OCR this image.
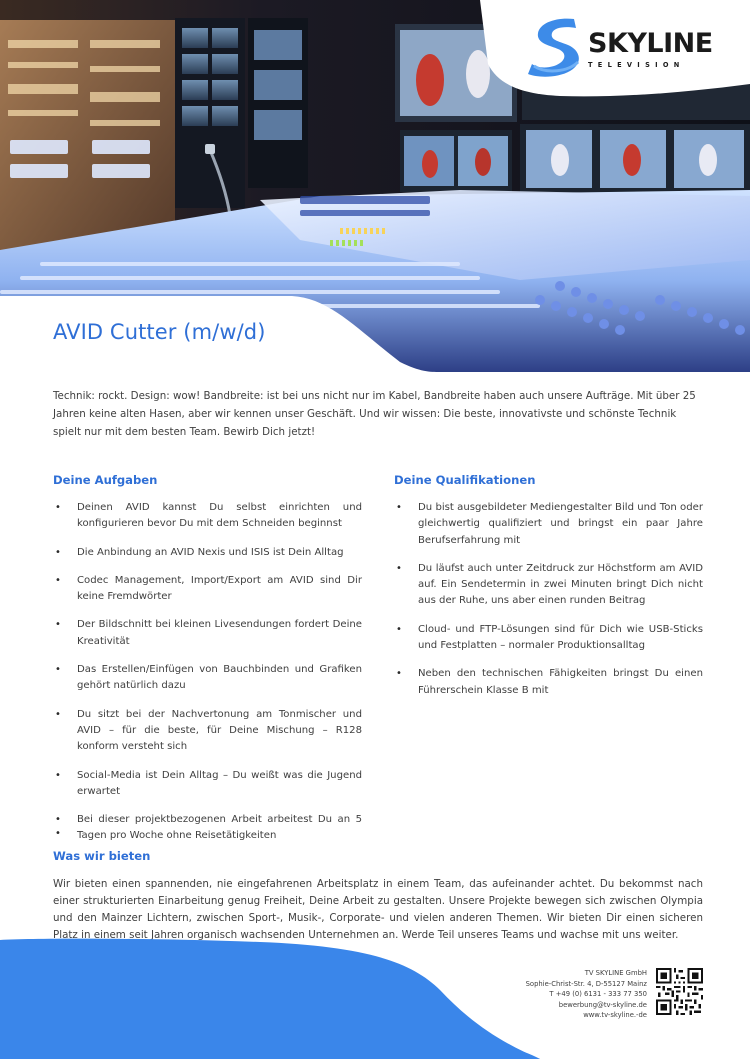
SKYLINE
TELEVISION
AVID Cutter (m/w/d)

Technik: rockt. Design: wow! Bandbreite: ist bei uns nicht nur im Kabel, Bandbreite haben auch unsere Aufträge. Mit über 25 Jahren keine alten Hasen, aber wir kennen unser Geschäft. Und wir wissen: Die beste, innovativste und schönste Technik spielt nur mit dem besten Team. Bewirb Dich jetzt!

Deine Aufgaben
• Deinen AVID kannst Du selbst einrichten und konfigurieren bevor Du mit dem Schneiden beginnst
• Die Anbindung an AVID Nexis und ISIS ist Dein Alltag
• Codec Management, Import/Export am AVID sind Dir keine Fremdwörter
• Der Bildschnitt bei kleinen Livesendungen fordert Deine Kreativität
• Das Erstellen/Einfügen von Bauchbinden und Grafiken gehört natürlich dazu
• Du sitzt bei der Nachvertonung am Tonmischer und AVID – für die beste, für Deine Mischung – R128 konform versteht sich
• Social-Media ist Dein Alltag – Du weißt was die Jugend erwartet
• Bei dieser projektbezogenen Arbeit arbeitest Du an 5 Tagen pro Woche ohne Reisetätigkeiten
•
Deine Qualifikationen
• Du bist ausgebildeter Mediengestalter Bild und Ton oder gleichwertig qualifiziert und bringst ein paar Jahre Berufserfahrung mit
• Du läufst auch unter Zeitdruck zur Höchstform am AVID auf. Ein Sendetermin in zwei Minuten bringt Dich nicht aus der Ruhe, uns aber einen runden Beitrag
• Cloud- und FTP-Lösungen sind für Dich wie USB-Sticks und Festplatten – normaler Produktionsalltag
• Neben den technischen Fähigkeiten bringst Du einen Führerschein Klasse B mit
Was wir bieten

Wir bieten einen spannenden, nie eingefahrenen Arbeitsplatz in einem Team, das aufeinander achtet. Du bekommst nach einer strukturierten Einarbeitung genug Freiheit, Deine Arbeit zu gestalten. Unsere Projekte bewegen sich zwischen Olympia und den Mainzer Lichtern, zwischen Sport-, Musik-, Corporate- und vielen anderen Themen. Wir bieten Dir einen sicheren Platz in einem seit Jahren organisch wachsenden Unternehmen an. Werde Teil unseres Teams und wachse mit uns weiter.

TV SKYLINE GmbH
Sophie-Christ-Str. 4, D-55127 Mainz
T +49 (0) 6131 - 333 77 350
bewerbung@tv-skyline.de
www.tv-skyline.-de
